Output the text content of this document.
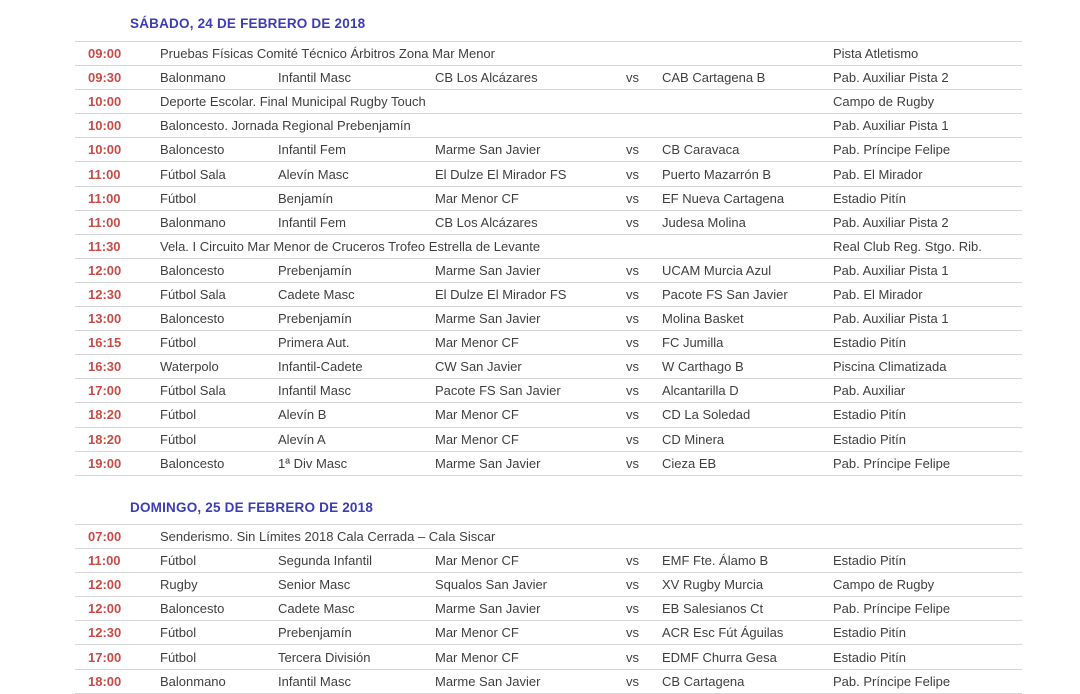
SÁBADO, 24 DE FEBRERO DE 2018
09:00	Pruebas Físicas Comité Técnico Árbitros Zona Mar Menor	Pista Atletismo
09:30	Balonmano	Infantil Masc	CB Los Alcázares	vs	CAB Cartagena B	Pab. Auxiliar Pista 2
10:00	Deporte Escolar. Final Municipal Rugby Touch	Campo de Rugby
10:00	Baloncesto. Jornada Regional Prebenjamín	Pab. Auxiliar Pista 1
10:00	Baloncesto	Infantil Fem	Marme San Javier	vs	CB Caravaca	Pab. Príncipe Felipe
11:00	Fútbol Sala	Alevín Masc	El Dulze El Mirador FS	vs	Puerto Mazarrón B	Pab. El Mirador
11:00	Fútbol	Benjamín	Mar Menor CF	vs	EF Nueva Cartagena	Estadio Pitín
11:00	Balonmano	Infantil Fem	CB Los Alcázares	vs	Judesa Molina	Pab. Auxiliar Pista 2
11:30	Vela. I Circuito Mar Menor de Cruceros Trofeo Estrella de Levante	Real Club Reg. Stgo. Rib.
12:00	Baloncesto	Prebenjamín	Marme San Javier	vs	UCAM Murcia Azul	Pab. Auxiliar Pista 1
12:30	Fútbol Sala	Cadete Masc	El Dulze El Mirador FS	vs	Pacote FS San Javier	Pab. El Mirador
13:00	Baloncesto	Prebenjamín	Marme San Javier	vs	Molina Basket	Pab. Auxiliar Pista 1
16:15	Fútbol	Primera Aut.	Mar Menor CF	vs	FC Jumilla	Estadio Pitín
16:30	Waterpolo	Infantil-Cadete	CW San Javier	vs	W Carthago B	Piscina Climatizada
17:00	Fútbol Sala	Infantil Masc	Pacote FS San Javier	vs	Alcantarilla D	Pab. Auxiliar
18:20	Fútbol	Alevín B	Mar Menor CF	vs	CD La Soledad	Estadio Pitín
18:20	Fútbol	Alevín A	Mar Menor CF	vs	CD Minera	Estadio Pitín
19:00	Baloncesto	1ª Div Masc	Marme San Javier	vs	Cieza EB	Pab. Príncipe Felipe
DOMINGO, 25 DE FEBRERO DE 2018
07:00	Senderismo. Sin Límites 2018 Cala Cerrada – Cala Siscar
11:00	Fútbol	Segunda Infantil	Mar Menor CF	vs	EMF Fte. Álamo B	Estadio Pitín
12:00	Rugby	Senior Masc	Squalos San Javier	vs	XV Rugby Murcia	Campo de Rugby
12:00	Baloncesto	Cadete Masc	Marme San Javier	vs	EB Salesianos Ct	Pab. Príncipe Felipe
12:30	Fútbol	Prebenjamín	Mar Menor CF	vs	ACR Esc Fút Águilas	Estadio Pitín
17:00	Fútbol	Tercera División	Mar Menor CF	vs	EDMF Churra Gesa	Estadio Pitín
18:00	Balonmano	Infantil Masc	Marme San Javier	vs	CB Cartagena	Pab. Príncipe Felipe
